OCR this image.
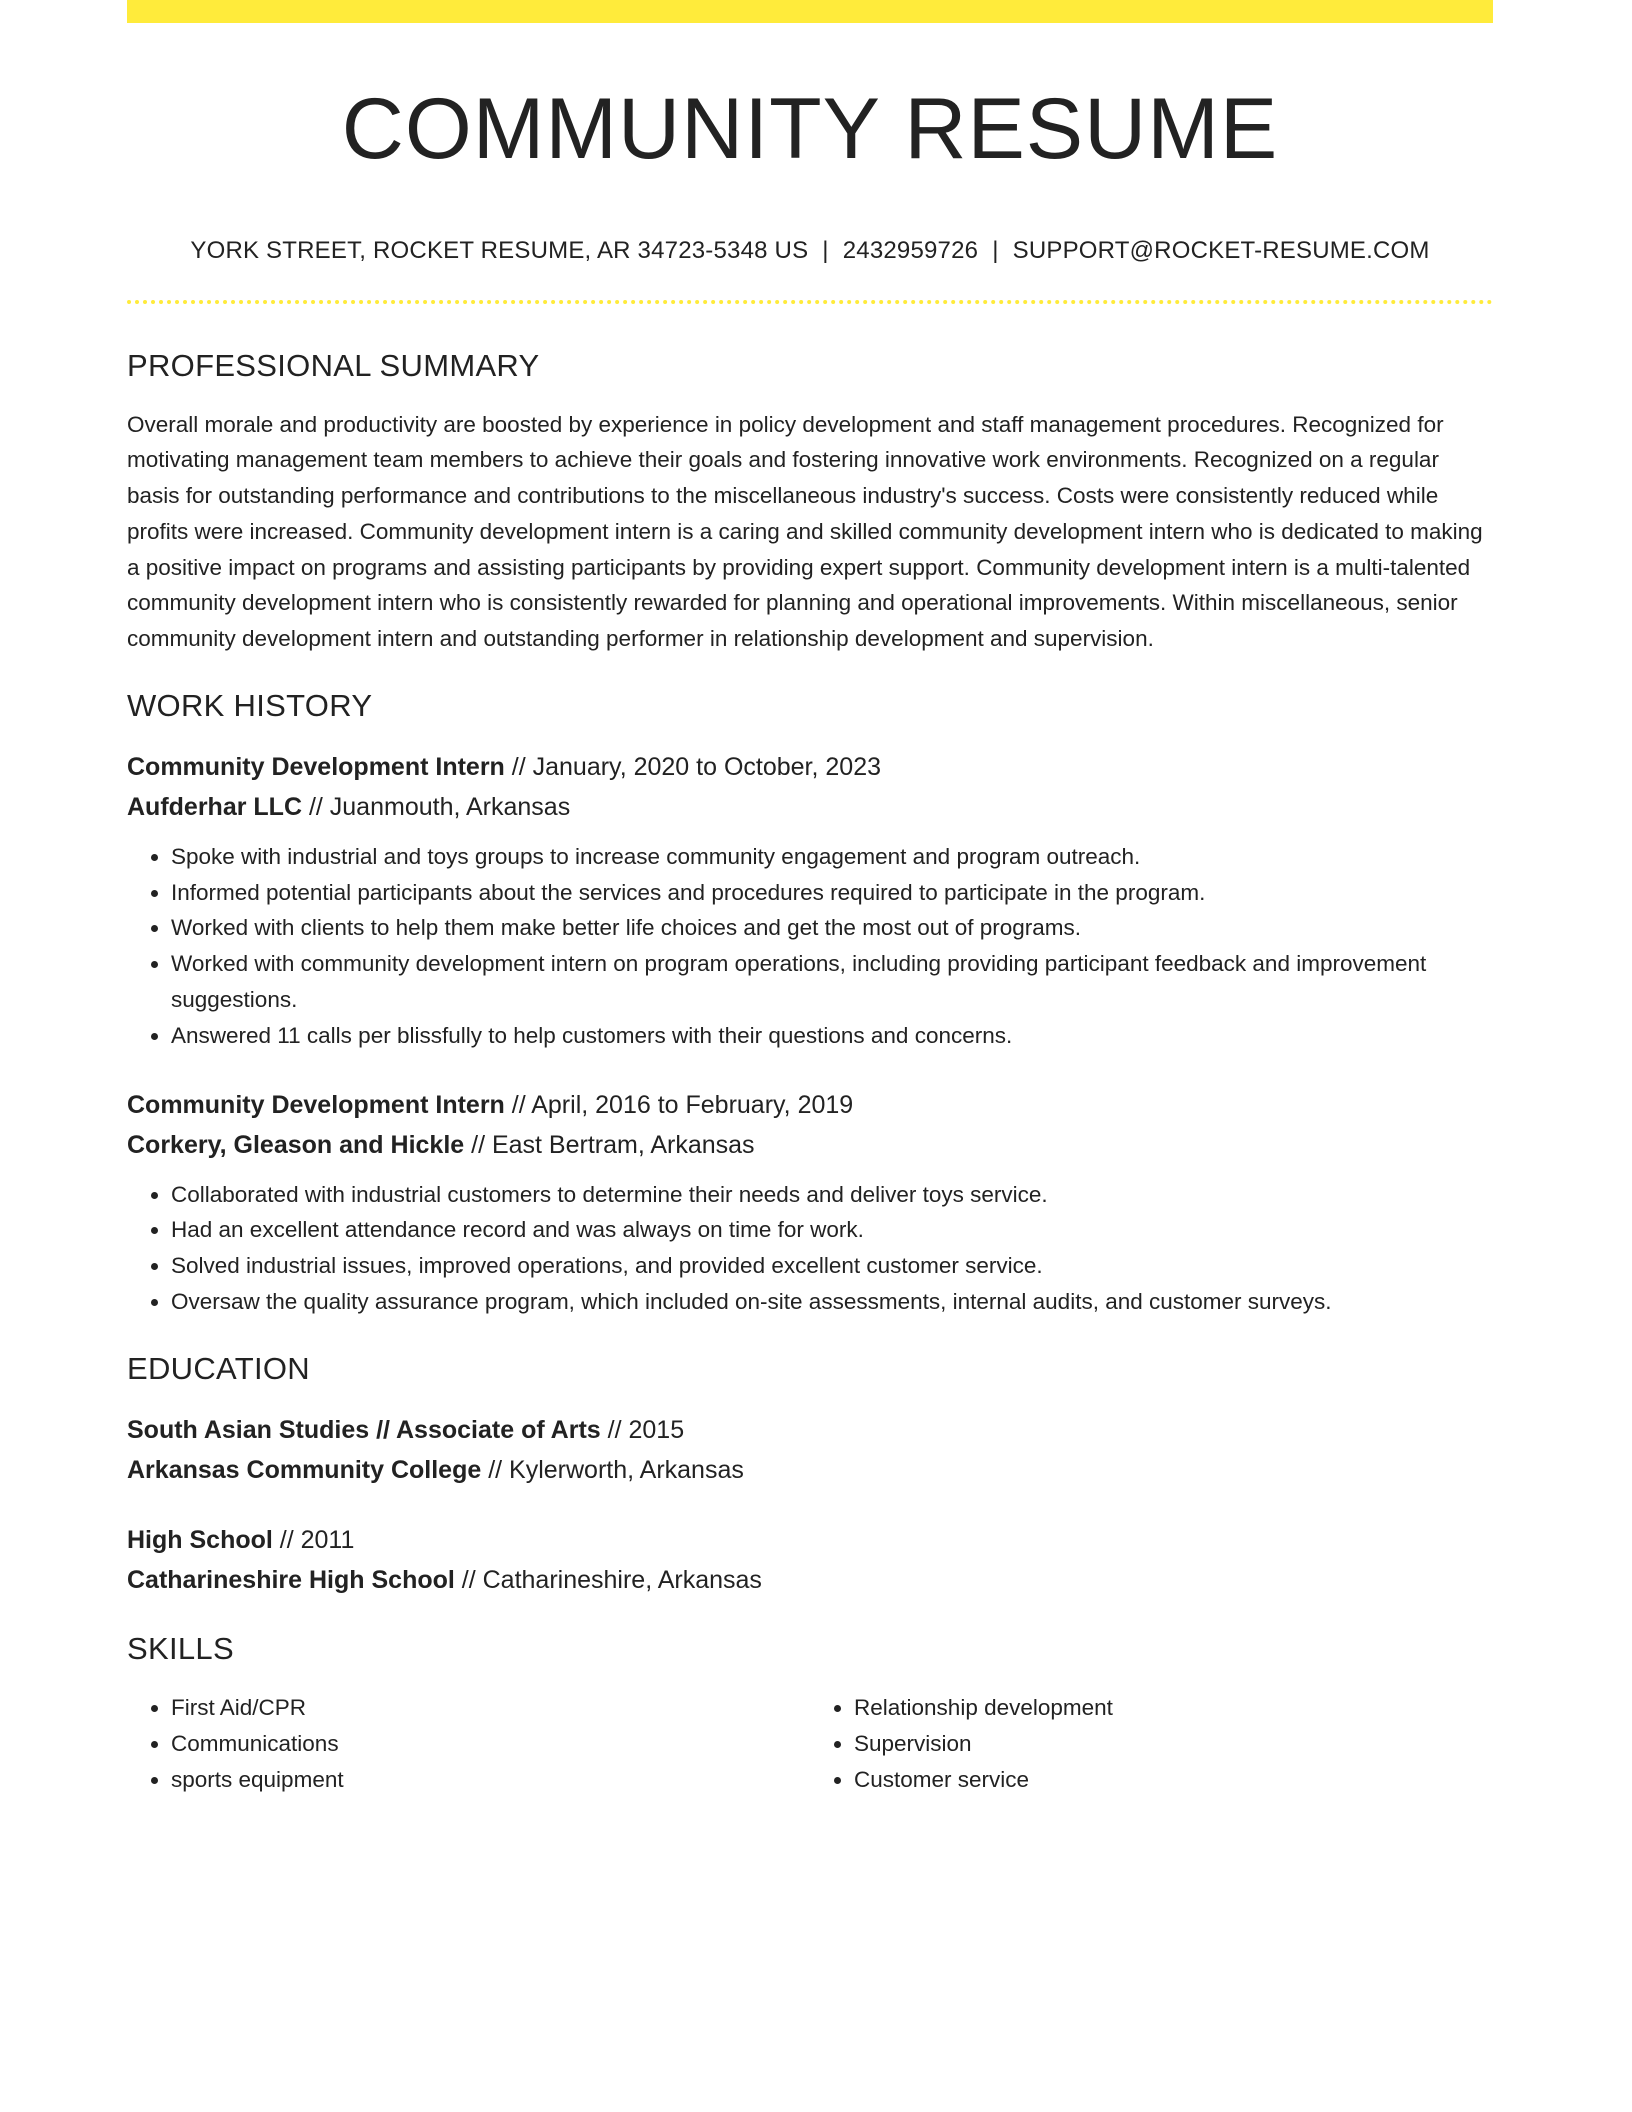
COMMUNITY RESUME
YORK STREET, ROCKET RESUME, AR 34723-5348 US | 2432959726 | SUPPORT@ROCKET-RESUME.COM
PROFESSIONAL SUMMARY
Overall morale and productivity are boosted by experience in policy development and staff management procedures. Recognized for motivating management team members to achieve their goals and fostering innovative work environments. Recognized on a regular basis for outstanding performance and contributions to the miscellaneous industry's success. Costs were consistently reduced while profits were increased. Community development intern is a caring and skilled community development intern who is dedicated to making a positive impact on programs and assisting participants by providing expert support. Community development intern is a multi-talented community development intern who is consistently rewarded for planning and operational improvements. Within miscellaneous, senior community development intern and outstanding performer in relationship development and supervision.
WORK HISTORY
Community Development Intern // January, 2020 to October, 2023
Aufderhar LLC // Juanmouth, Arkansas
• Spoke with industrial and toys groups to increase community engagement and program outreach.
• Informed potential participants about the services and procedures required to participate in the program.
• Worked with clients to help them make better life choices and get the most out of programs.
• Worked with community development intern on program operations, including providing participant feedback and improvement suggestions.
• Answered 11 calls per blissfully to help customers with their questions and concerns.
Community Development Intern // April, 2016 to February, 2019
Corkery, Gleason and Hickle // East Bertram, Arkansas
• Collaborated with industrial customers to determine their needs and deliver toys service.
• Had an excellent attendance record and was always on time for work.
• Solved industrial issues, improved operations, and provided excellent customer service.
• Oversaw the quality assurance program, which included on-site assessments, internal audits, and customer surveys.
EDUCATION
South Asian Studies // Associate of Arts // 2015
Arkansas Community College // Kylerworth, Arkansas
High School // 2011
Catharineshire High School // Catharineshire, Arkansas
SKILLS
• First Aid/CPR
• Communications
• sports equipment
• Relationship development
• Supervision
• Customer service
